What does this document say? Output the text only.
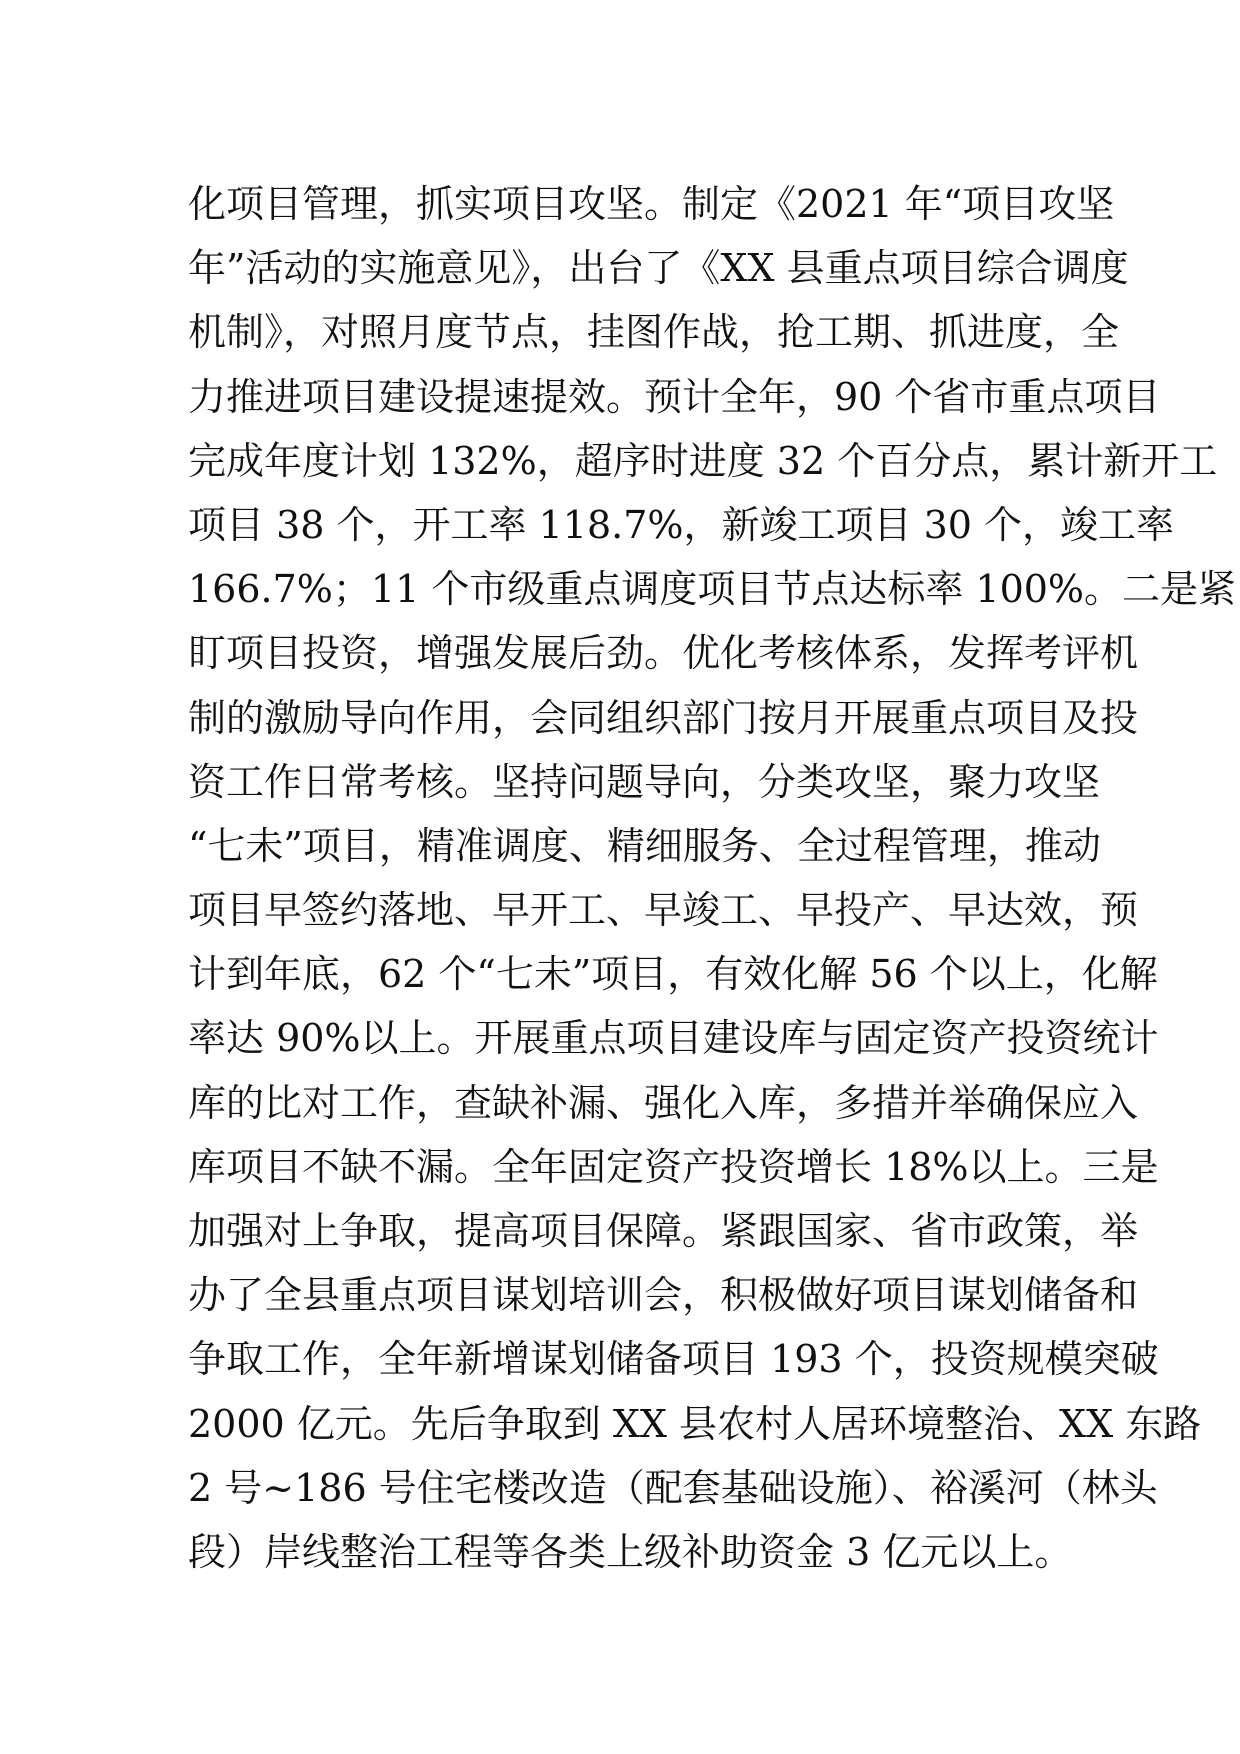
化项目管理，抓实项目攻坚。制定《2021 年“项目攻坚
年”活动的实施意见》，出台了《XX 县重点项目综合调度
机制》，对照月度节点，挂图作战，抢工期、抓进度，全
力推进项目建设提速提效。预计全年，90 个省市重点项目
完成年度计划 132%，超序时进度 32 个百分点，累计新开工
项目 38 个，开工率 118.7%，新竣工项目 30 个，竣工率
166.7%；11 个市级重点调度项目节点达标率 100%。二是紧
盯项目投资，增强发展后劲。优化考核体系，发挥考评机
制的激励导向作用，会同组织部门按月开展重点项目及投
资工作日常考核。坚持问题导向，分类攻坚，聚力攻坚
“七未”项目，精准调度、精细服务、全过程管理，推动
项目早签约落地、早开工、早竣工、早投产、早达效，预
计到年底，62 个“七未”项目，有效化解 56 个以上，化解
率达 90%以上。开展重点项目建设库与固定资产投资统计
库的比对工作，查缺补漏、强化入库，多措并举确保应入
库项目不缺不漏。全年固定资产投资增长 18%以上。三是
加强对上争取，提高项目保障。紧跟国家、省市政策，举
办了全县重点项目谋划培训会，积极做好项目谋划储备和
争取工作，全年新增谋划储备项目 193 个，投资规模突破
2000 亿元。先后争取到 XX 县农村人居环境整治、XX 东路
2 号~186 号住宅楼改造（配套基础设施）、裕溪河（林头
段）岸线整治工程等各类上级补助资金 3 亿元以上。
